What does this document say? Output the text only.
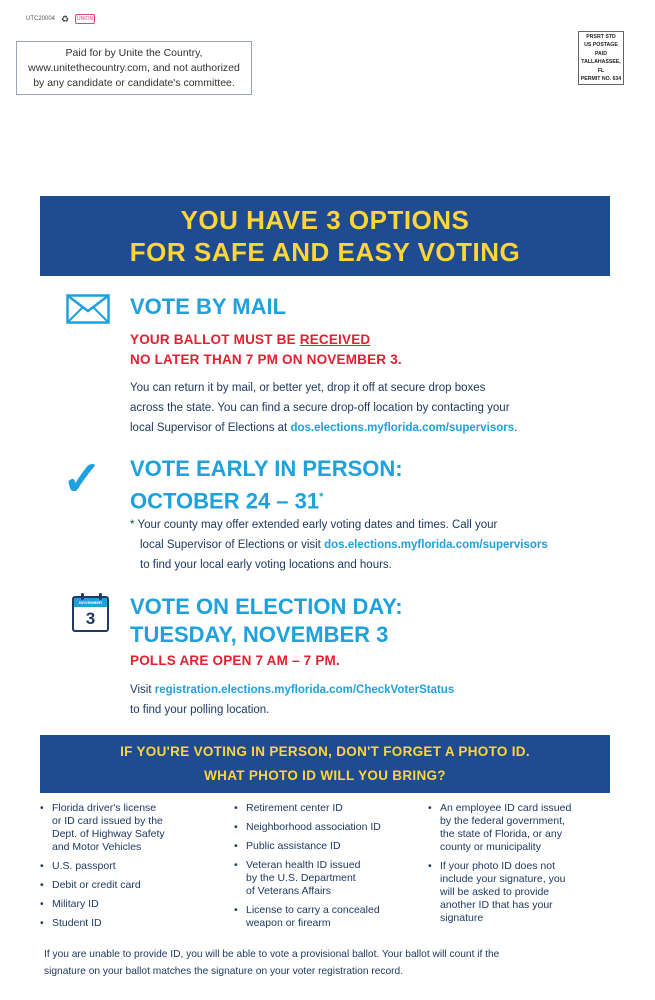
UTC20004 ♻	UNION
Paid for by Unite the Country,
www.unitethecountry.com, and not authorized
by any candidate or candidate's committee.
PRSRT STD
US POSTAGE
PAID
TALLAHASSEE, FL
PERMIT NO. 634
YOU HAVE 3 OPTIONS
FOR SAFE AND EASY VOTING
VOTE BY MAIL
YOUR BALLOT MUST BE RECEIVED
NO LATER THAN 7 PM ON NOVEMBER 3.
You can return it by mail, or better yet, drop it off at secure drop boxes
across the state. You can find a secure drop-off location by contacting your
local Supervisor of Elections at dos.elections.myflorida.com/supervisors.
✓ VOTE EARLY IN PERSON:
OCTOBER 24 – 31*
* Your county may offer extended early voting dates and times. Call your
local Supervisor of Elections or visit dos.elections.myflorida.com/supervisors
to find your local early voting locations and hours.
NOVEMBER
3	VOTE ON ELECTION DAY:
TUESDAY, NOVEMBER 3
POLLS ARE OPEN 7 AM – 7 PM.
Visit registration.elections.myflorida.com/CheckVoterStatus
to find your polling location.
IF YOU'RE VOTING IN PERSON, DON'T FORGET A PHOTO ID.
WHAT PHOTO ID WILL YOU BRING?
• Florida driver's license
or ID card issued by the
Dept. of Highway Safety
and Motor Vehicles
• U.S. passport
• Debit or credit card
• Military ID
• Student ID
• Retirement center ID
• Neighborhood association ID
• Public assistance ID
• Veteran health ID issued
by the U.S. Department
of Veterans Affairs
• License to carry a concealed
weapon or firearm
• An employee ID card issued
by the federal government,
the state of Florida, or any
county or municipality
• If your photo ID does not
include your signature, you
will be asked to provide
another ID that has your
signature
If you are unable to provide ID, you will be able to vote a provisional ballot. Your ballot will count if the
signature on your ballot matches the signature on your voter registration record.
